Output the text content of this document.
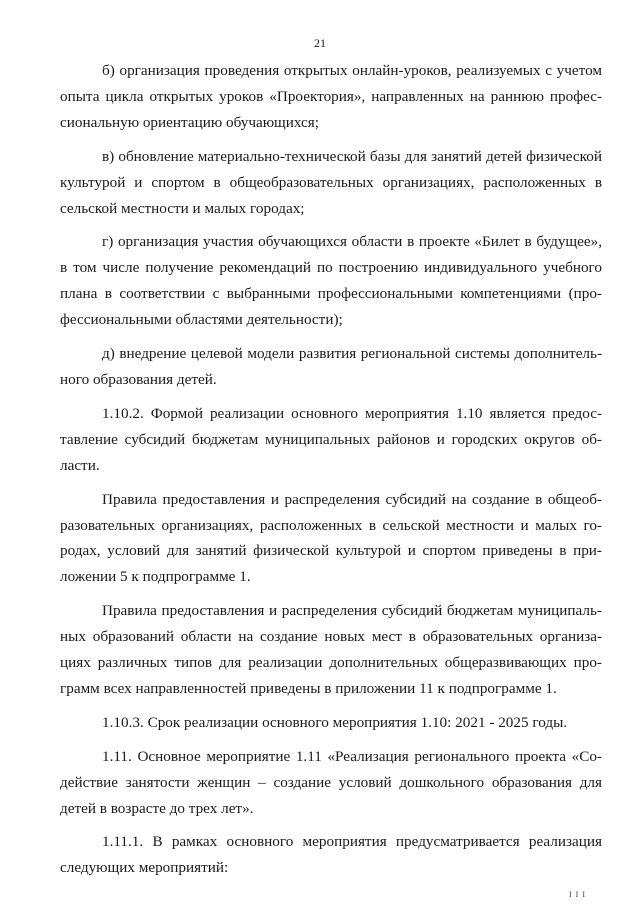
21
б) организация проведения открытых онлайн-уроков, реализуемых с учетом
опыта цикла открытых уроков «Проектория», направленных на раннюю профес-
сиональную ориентацию обучающихся;
в) обновление материально-технической базы для занятий детей физической
культурой и спортом в общеобразовательных организациях, расположенных в
сельской местности и малых городах;
г) организация участия обучающихся области в проекте «Билет в будущее»,
в том числе получение рекомендаций по построению индивидуального учебного
плана в соответствии с выбранными профессиональными компетенциями (про-
фессиональными областями деятельности);
д) внедрение целевой модели развития региональной системы дополнитель-
ного образования детей.
1.10.2. Формой реализации основного мероприятия 1.10 является предос-
тавление субсидий бюджетам муниципальных районов и городских округов об-
ласти.
Правила предоставления и распределения субсидий на создание в общеоб-
разовательных организациях, расположенных в сельской местности и малых го-
родах, условий для занятий физической культурой и спортом приведены в при-
ложении 5 к подпрограмме 1.
Правила предоставления и распределения субсидий бюджетам муниципаль-
ных образований области на создание новых мест в образовательных организа-
циях различных типов для реализации дополнительных общеразвивающих про-
грамм всех направленностей приведены в приложении 11 к подпрограмме 1.
1.10.3. Срок реализации основного мероприятия 1.10: 2021 - 2025 годы.
1.11. Основное мероприятие 1.11 «Реализация регионального проекта «Со-
действие занятости женщин – создание условий дошкольного образования для
детей в возрасте до трех лет».
1.11.1. В рамках основного мероприятия предусматривается реализация
следующих мероприятий:
I I I
